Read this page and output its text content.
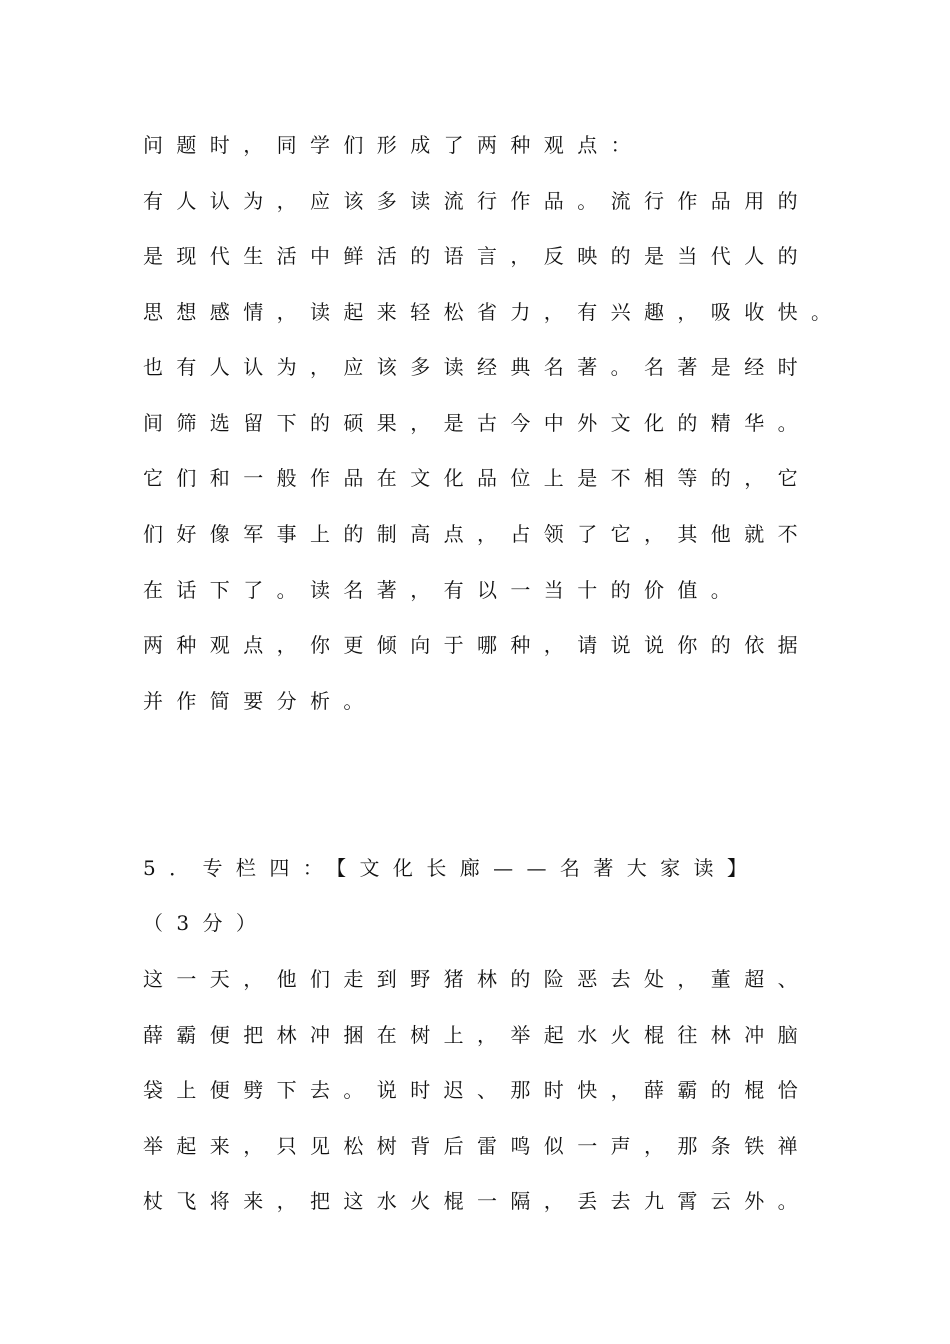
问题时，同学们形成了两种观点：
有人认为，应该多读流行作品。流行作品用的
是现代生活中鲜活的语言，反映的是当代人的
思想感情，读起来轻松省力，有兴趣，吸收快。
也有人认为，应该多读经典名著。名著是经时
间筛选留下的硕果，是古今中外文化的精华。
它们和一般作品在文化品位上是不相等的，它
们好像军事上的制高点，占领了它，其他就不
在话下了。读名著，有以一当十的价值。
两种观点，你更倾向于哪种，请说说你的依据
并作简要分析。
5．专栏四：【文化长廊——名著大家读】
（3分）
这一天，他们走到野猪林的险恶去处，董超、
薛霸便把林冲捆在树上，举起水火棍往林冲脑
袋上便劈下去。说时迟、那时快，薛霸的棍恰
举起来，只见松树背后雷鸣似一声，那条铁禅
杖飞将来，把这水火棍一隔，丢去九霄云外。
